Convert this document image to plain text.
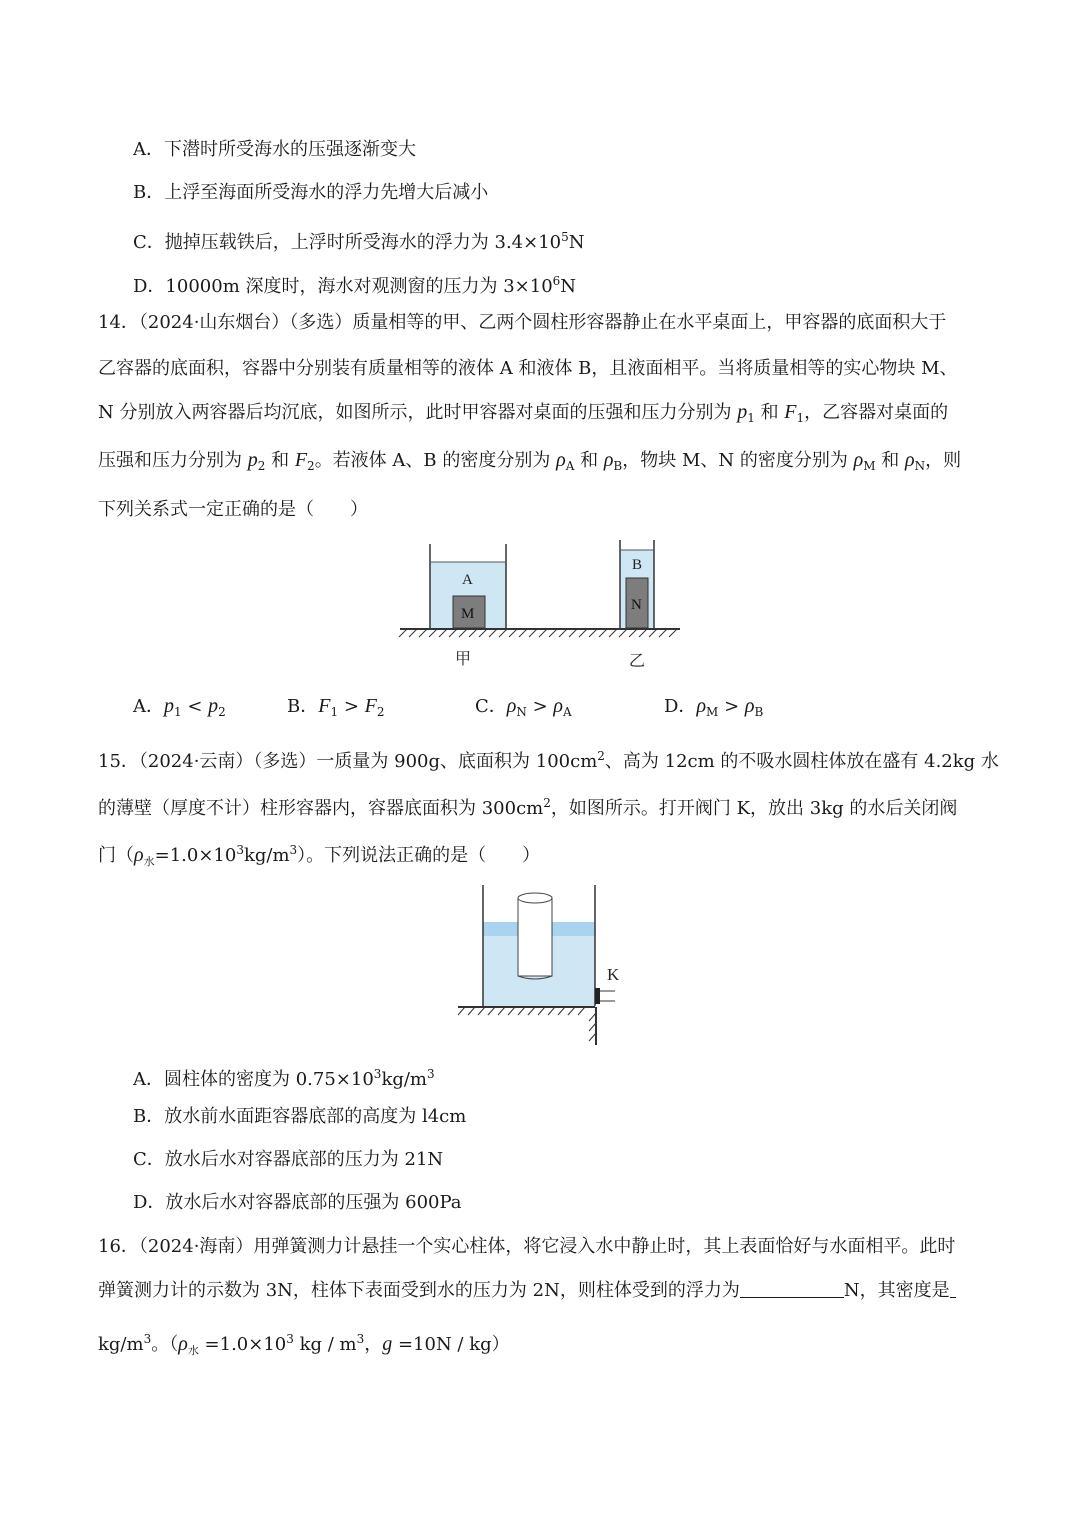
A．下潜时所受海水的压强逐渐变大
B．上浮至海面所受海水的浮力先增大后减小
C．抛掉压载铁后，上浮时所受海水的浮力为 $3.4\times 10^5N$
D．10000m 深度时，海水对观测窗的压力为 $3\times 10^6N$
14．（2024·山东烟台）（多选）质量相等的甲、乙两个圆柱形容器静止在水平桌面上，甲容器的底面积大于
乙容器的底面积，容器中分别装有质量相等的液体 A 和液体 B，且液面相平。当将质量相等的实心物块 M、
N 分别放入两容器后均沉底，如图所示，此时甲容器对桌面的压强和压力分别为 $p_1$ 和 $F_1$，乙容器对桌面的
压强和压力分别为 $p_2$ 和 $F_2$。若液体 A、B 的密度分别为 $\rho_A$ 和 $\rho_B$，物块 M、N 的密度分别为 $\rho_M$ 和 $\rho_N$，则
下列关系式一定正确的是（　　）
A
M
B
N
甲	乙
A．$p_1 < p_2$	B．$F_1 > F_2$	C．$\rho_N > \rho_A$	D．$\rho_M > \rho_B$
15．（2024·云南）（多选）一质量为 900g、底面积为 $100cm^2$、高为 12cm 的不吸水圆柱体放在盛有 4.2kg 水
的薄壁（厚度不计）柱形容器内，容器底面积为 $300cm^2$，如图所示。打开阀门 K，放出 3kg 的水后关闭阀
门$(\rho_水=1.0\times 10^3kg/m^3)$。下列说法正确的是（　　）
K
A．圆柱体的密度为 $0.75\times 10^3kg/m^3$
B．放水前水面距容器底部的高度为 l4cm
C．放水后水对容器底部的压力为 21N
D．放水后水对容器底部的压强为 600Pa
16．（2024·海南）用弹簧测力计悬挂一个实心柱体，将它浸入水中静止时，其上表面恰好与水面相平。此时
弹簧测力计的示数为 3N，柱体下表面受到水的压力为 2N，则柱体受到的浮力为	N，其密度是
$kg/m^3$。（$\rho_水 =1.0\times 10^3$ kg / $m^3$，g =10N / kg）
